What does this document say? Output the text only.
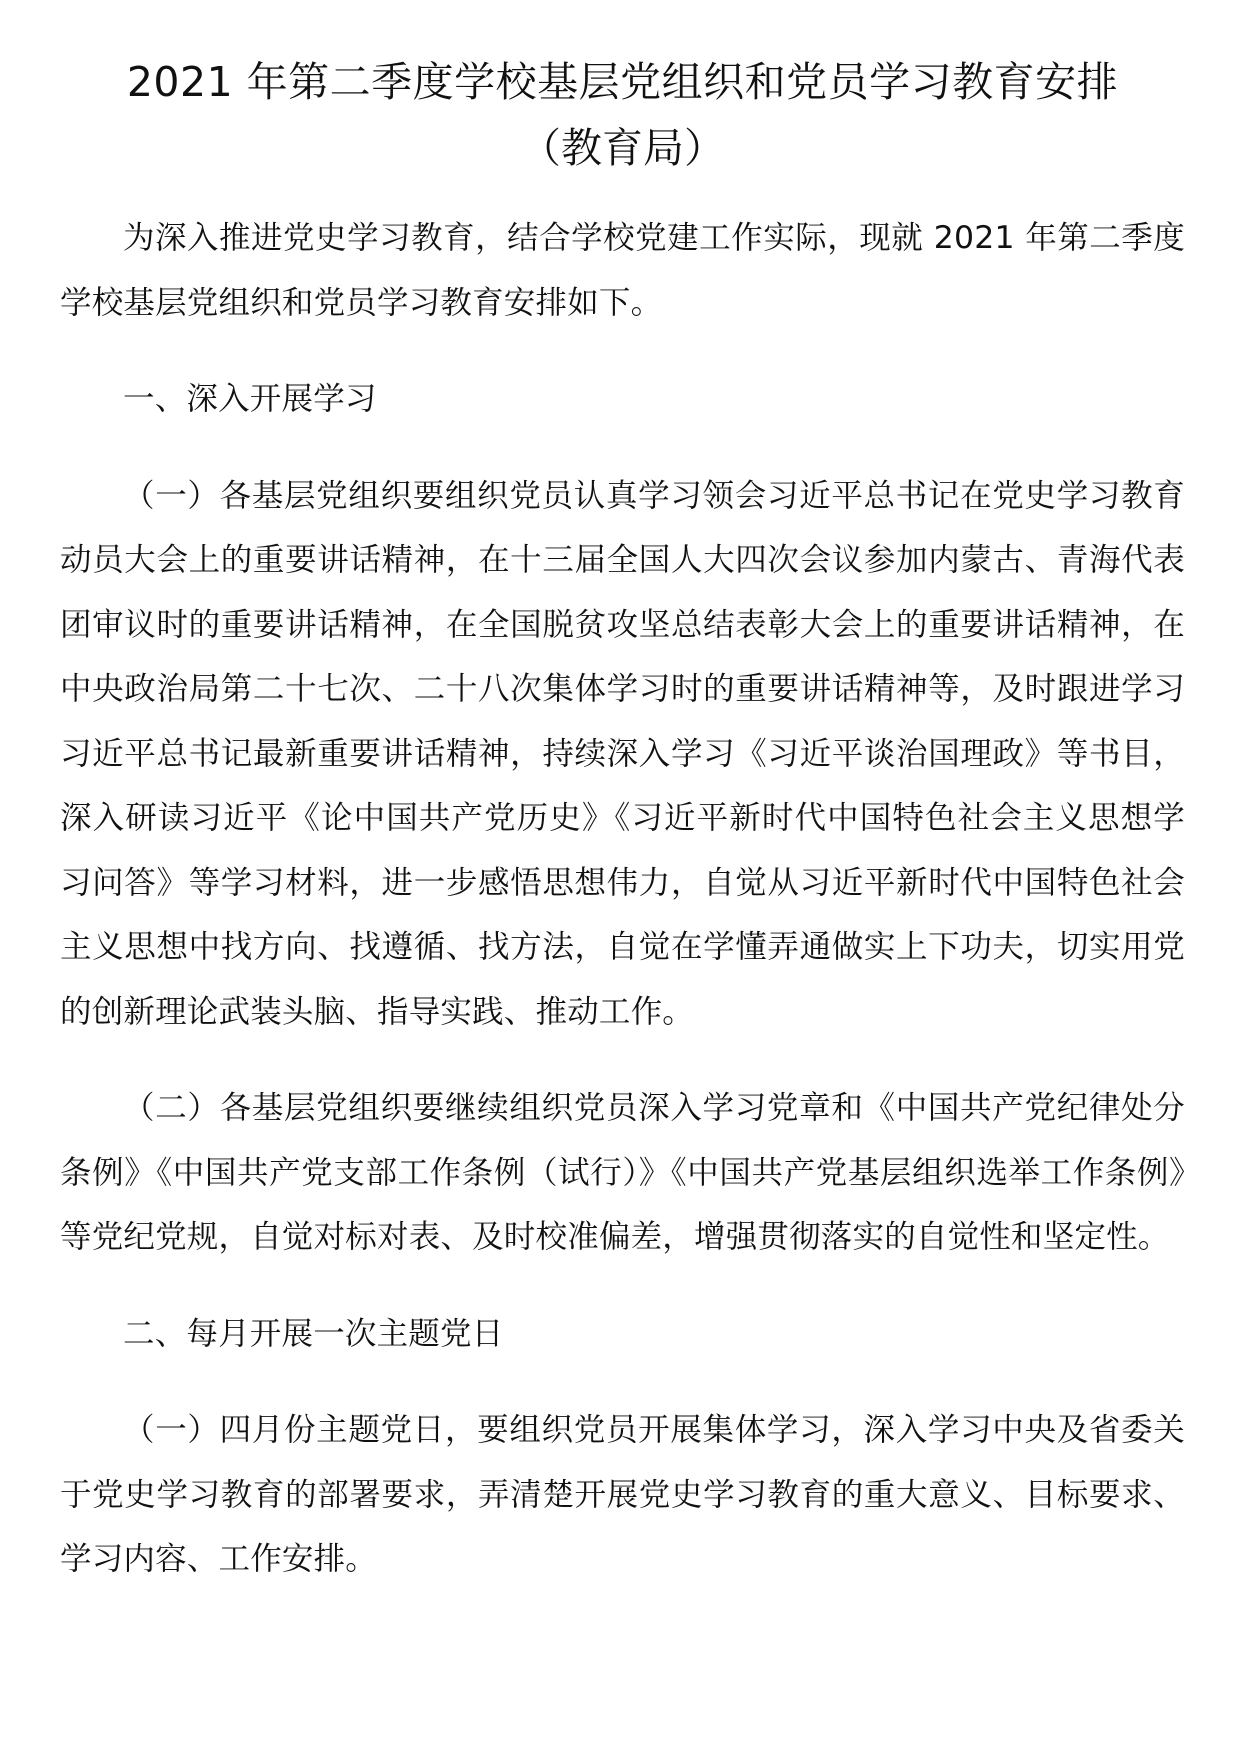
2021 年第二季度学校基层党组织和党员学习教育安排
（教育局）

为深入推进党史学习教育，结合学校党建工作实际，现就 2021 年第二季度学校基层党组织和党员学习教育安排如下。

一、深入开展学习

（一）各基层党组织要组织党员认真学习领会习近平总书记在党史学习教育动员大会上的重要讲话精神，在十三届全国人大四次会议参加内蒙古、青海代表团审议时的重要讲话精神，在全国脱贫攻坚总结表彰大会上的重要讲话精神，在中央政治局第二十七次、二十八次集体学习时的重要讲话精神等，及时跟进学习习近平总书记最新重要讲话精神，持续深入学习《习近平谈治国理政》等书目，深入研读习近平《论中国共产党历史》《习近平新时代中国特色社会主义思想学习问答》等学习材料，进一步感悟思想伟力，自觉从习近平新时代中国特色社会主义思想中找方向、找遵循、找方法，自觉在学懂弄通做实上下功夫，切实用党的创新理论武装头脑、指导实践、推动工作。

（二）各基层党组织要继续组织党员深入学习党章和《中国共产党纪律处分条例》《中国共产党支部工作条例（试行）》《中国共产党基层组织选举工作条例》等党纪党规，自觉对标对表、及时校准偏差，增强贯彻落实的自觉性和坚定性。

二、每月开展一次主题党日

（一）四月份主题党日，要组织党员开展集体学习，深入学习中央及省委关于党史学习教育的部署要求，弄清楚开展党史学习教育的重大意义、目标要求、学习内容、工作安排。
